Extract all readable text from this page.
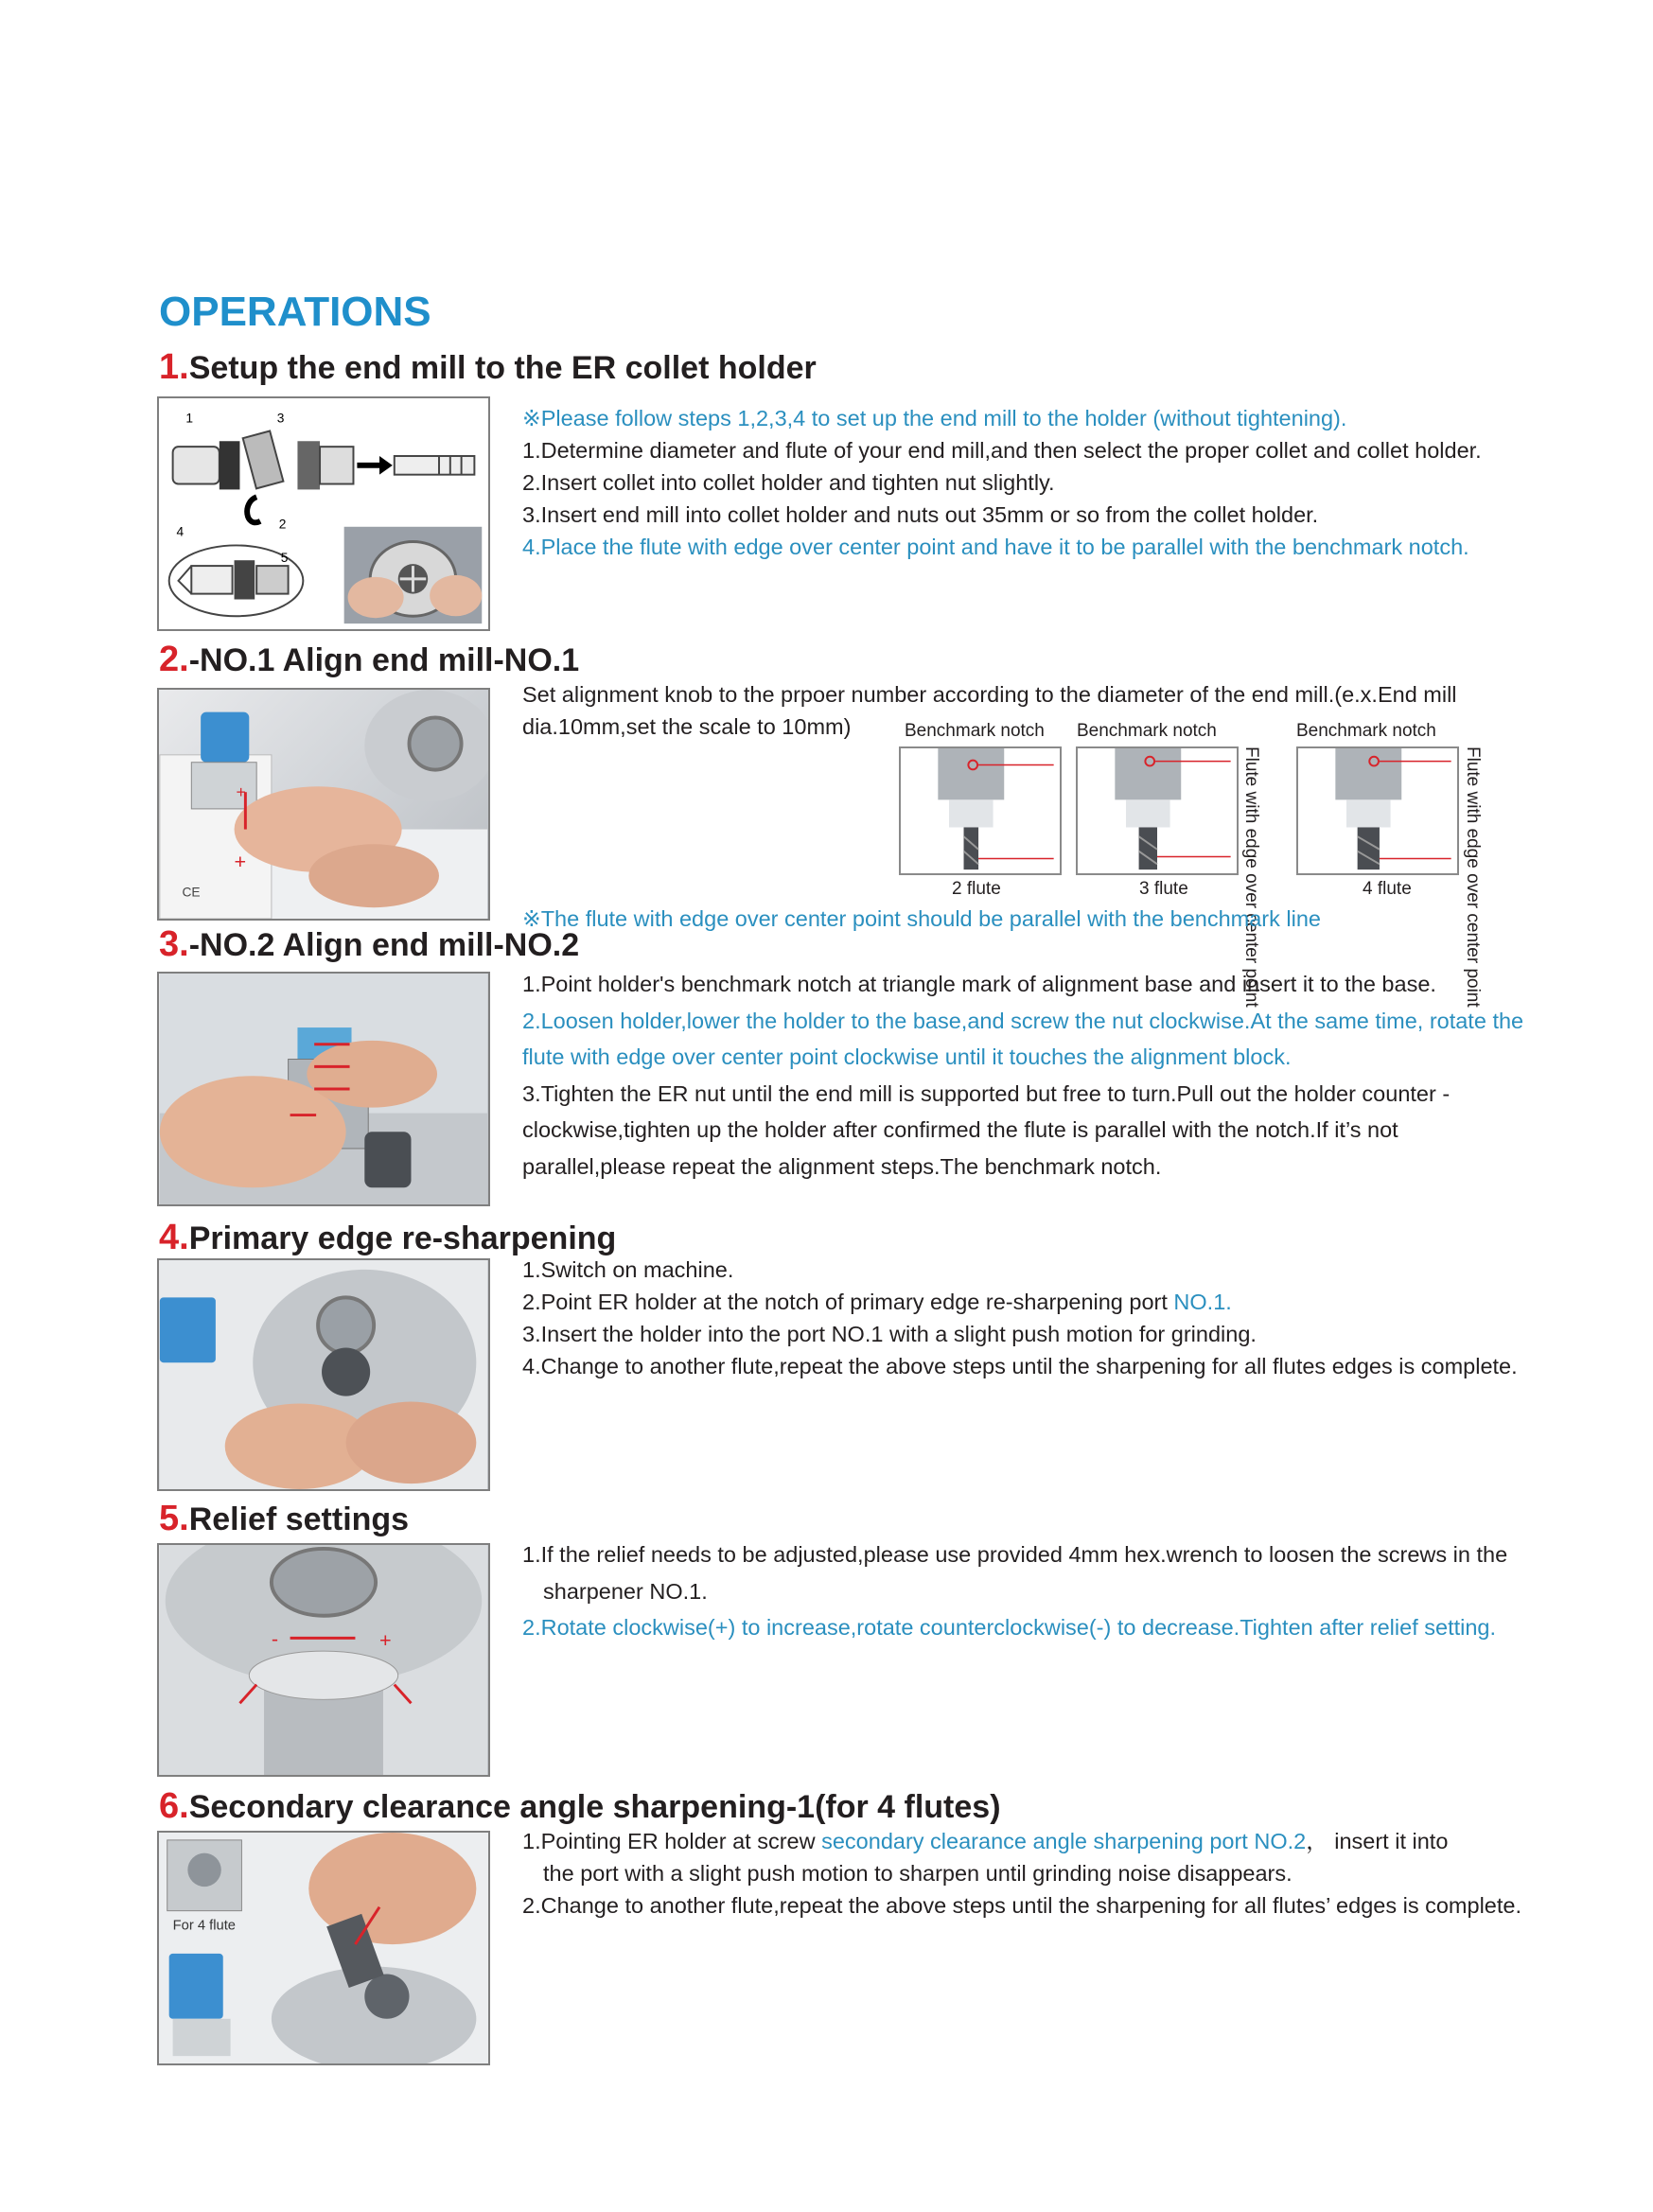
OPERATIONS
1.Setup the end mill to the ER collet holder
1
2
3
4
5

※Please follow steps 1,2,3,4 to set up the end mill to the holder (without tightening).

1.Determine diameter and flute of your end mill,and then select the proper collet and collet holder.

2.Insert collet into collet holder and tighten nut slightly.

3.Insert end mill into collet holder and nuts out 35mm or so from the collet holder.

4.Place the flute with edge over center point and have it to be parallel with the benchmark notch.

2.-NO.1 Align end mill-NO.1
+
+
CE
Set alignment knob to the prpoer number according to the diameter of the end mill.(e.x.End mill dia.10mm,set the scale to 10mm)	Benchmark notch Benchmark notch	Benchmark notch
Flute with edge over center point	Flute with edge over center point
2 flute	3 flute	4 flute
※The flute with edge over center point should be parallel with the benchmark line
3.-NO.2 Align end mill-NO.2

1.Point holder's benchmark notch at triangle mark of alignment base and insert it to the base.

2.Loosen holder,lower the holder to the base,and screw the nut clockwise.At the same time, rotate the flute with edge over center point clockwise until it touches the alignment block.

3.Tighten the ER nut until the end mill is supported but free to turn.Pull out the holder counter -clockwise,tighten up the holder after confirmed the flute is parallel with the notch.If it’s not parallel,please repeat the alignment steps.The benchmark notch.

4.Primary edge re-sharpening

1.Switch on machine.

2.Point ER holder at the notch of primary edge re-sharpening port NO.1.

3.Insert the holder into the port NO.1 with a slight push motion for grinding.

4.Change to another flute,repeat the above steps until the sharpening for all flutes edges is complete.

5.Relief settings
-	+

1.If the relief needs to be adjusted,please use provided 4mm hex.wrench to loosen the screws in the sharpener NO.1.

2.Rotate clockwise(+) to increase,rotate counterclockwise(-) to decrease.Tighten after relief setting.

6.Secondary clearance angle sharpening-1(for 4 flutes)
For 4 flute

1.Pointing ER holder at screw secondary clearance angle sharpening port NO.2， insert it into

the port with a slight push motion to sharpen until grinding noise disappears.

2.Change to another flute,repeat the above steps until the sharpening for all flutes’ edges is complete.
